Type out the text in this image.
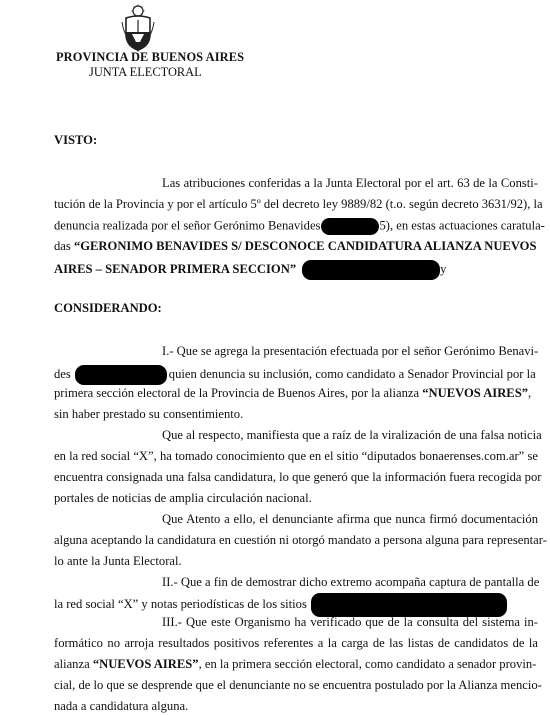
PROVINCIA DE BUENOS AIRES
JUNTA ELECTORAL
VISTO:
Las atribuciones conferidas a la Junta Electoral por el art. 63 de la Consti-
tución de la Provincia y por el artículo 5º del decreto ley 9889/82 (t.o. según decreto 3631/92), la
denuncia realizada por el señor Gerónimo Benavides	5), en estas actuaciones caratula-
das “GERONIMO BENAVIDES S/ DESCONOCE CANDIDATURA ALIANZA NUEVOS
AIRES – SENADOR PRIMERA SECCION”	y
CONSIDERANDO:
I.- Que se agrega la presentación efectuada por el señor Gerónimo Benavi-
des	quien denuncia su inclusión, como candidato a Senador Provincial por la
primera sección electoral de la Provincia de Buenos Aires, por la alianza “NUEVOS AIRES”,
sin haber prestado su consentimiento.
Que al respecto, manifiesta que a raíz de la viralización de una falsa noticia
en la red social “X”, ha tomado conocimiento que en el sitio “diputados bonaerenses.com.ar” se
encuentra consignada una falsa candidatura, lo que generó que la información fuera recogida por
portales de noticias de amplia circulación nacional.
Que Atento a ello, el denunciante afirma que nunca firmó documentación
alguna aceptando la candidatura en cuestión ni otorgó mandato a persona alguna para representar-
lo ante la Junta Electoral.
II.- Que a fin de demostrar dicho extremo acompaña captura de pantalla de
la red social “X” y notas periodísticas de los sitios
III.- Que este Organismo ha verificado que de la consulta del sistema in-
formático no arroja resultados positivos referentes a la carga de las listas de candidatos de la
alianza “NUEVOS AIRES”, en la primera sección electoral, como candidato a senador provin-
cial, de lo que se desprende que el denunciante no se encuentra postulado por la Alianza mencio-
nada a candidatura alguna.
